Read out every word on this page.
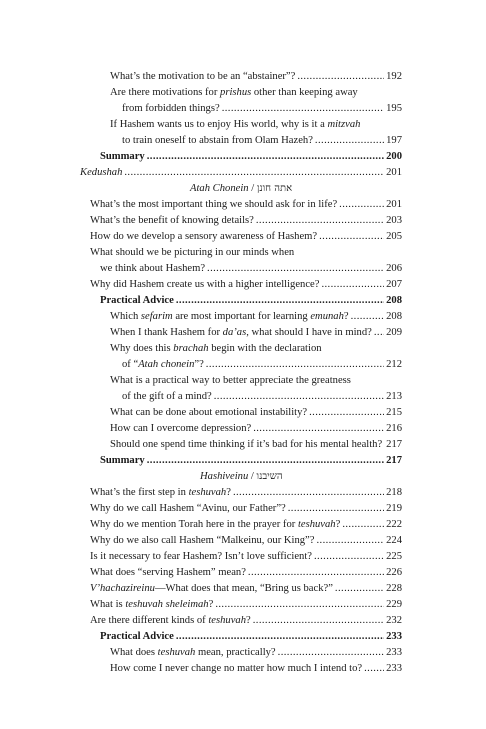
Atah Chonein / אתה חונן
Hashiveinu / השיבנו
What’s the motivation to be an “abstainer”? .....	192
Are there motivations for prishus other than keeping away
from forbidden things? .....	195
If Hashem wants us to enjoy His world, why is it a mitzvah
to train oneself to abstain from Olam Hazeh? .....	197
Summary .....	200
Kedushah .....	201
What’s the most important thing we should ask for in life? .....	201
What’s the benefit of knowing details? .....	203
How do we develop a sensory awareness of Hashem? .....	205
What should we be picturing in our minds when
we think about Hashem? .....	206
Why did Hashem create us with a higher intelligence? .....	207
Practical Advice .....	208
Which sefarim are most important for learning emunah? .....	208
When I thank Hashem for da’as, what should I have in mind? ..... 209
Why does this brachah begin with the declaration
of “Atah chonein”? .....	212
What is a practical way to better appreciate the greatness
of the gift of a mind? .....	213
What can be done about emotional instability? .....	215
How can I overcome depression? .....	216
Should one spend time thinking if it’s bad for his mental health? 217
Summary .....	217
What’s the first step in teshuvah? .....	218
Why do we call Hashem “Avinu, our Father”? .....	219
Why do we mention Torah here in the prayer for teshuvah? .....	222
Why do we also call Hashem “Malkeinu, our King”? .....	224
Is it necessary to fear Hashem? Isn’t love sufficient? .....	225
What does “serving Hashem” mean? .....	226
V’hachazireinu—What does that mean, “Bring us back?” .....	228
What is teshuvah sheleimah? .....	229
Are there different kinds of teshuvah? .....	232
Practical Advice .....	233
What does teshuvah mean, practically? .....	233
How come I never change no matter how much I intend to? ..... 233
